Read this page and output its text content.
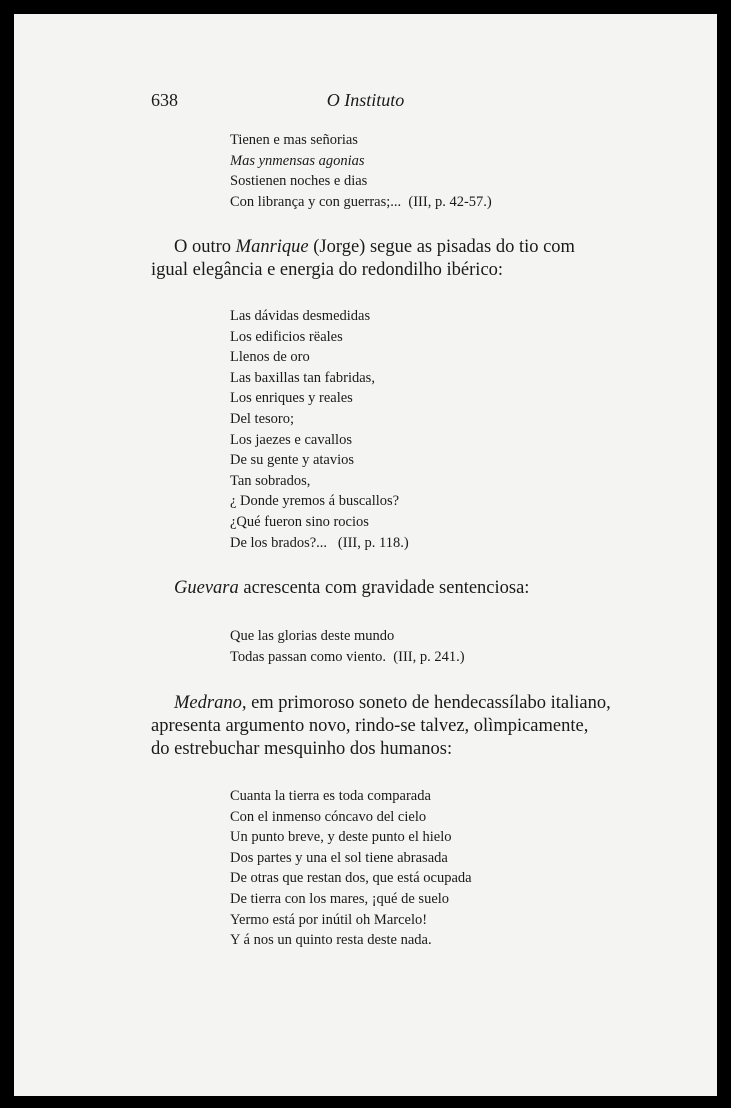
638	O Instituto
Tienen e mas señorias
Mas ynmensas agonias
Sostienen noches e dias
Con librança y con guerras;...  (III, p. 42-57.)
O outro Manrique (Jorge) segue as pisadas do tio com
igual elegância e energia do redondilho ibérico:
Las dávidas desmedidas
Los edificios rëales
Llenos de oro
Las baxillas tan fabridas,
Los enriques y reales
Del tesoro;
Los jaezes e cavallos
De su gente y atavios
Tan sobrados,
¿ Donde yremos á buscallos?
¿Qué fueron sino rocios
De los brados?...   (III, p. 118.)
Guevara acrescenta com gravidade sentenciosa:
Que las glorias deste mundo
Todas passan como viento.  (III, p. 241.)
Medrano, em primoroso soneto de hendecassílabo italiano,
apresenta argumento novo, rindo-se talvez, olìmpicamente,
do estrebuchar mesquinho dos humanos:
Cuanta la tierra es toda comparada
Con el inmenso cóncavo del cielo
Un punto breve, y deste punto el hielo
Dos partes y una el sol tiene abrasada
De otras que restan dos, que está ocupada
De tierra con los mares, ¡qué de suelo
Yermo está por inútil oh Marcelo!
Y á nos un quinto resta deste nada.
